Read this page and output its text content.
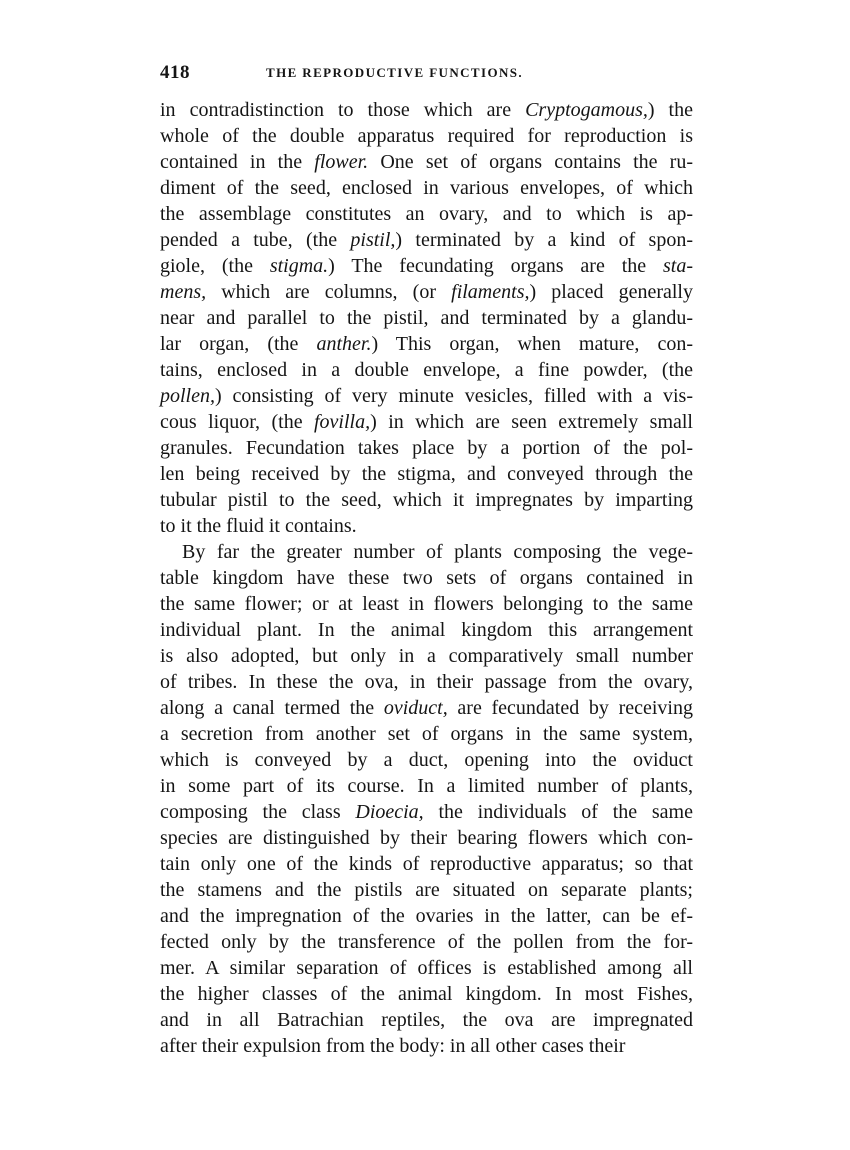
418	THE REPRODUCTIVE FUNCTIONS.
in contradistinction to those which are Cryptogamous,) the
whole of the double apparatus required for reproduction is
contained in the flower. One set of organs contains the ru-
diment of the seed, enclosed in various envelopes, of which
the assemblage constitutes an ovary, and to which is ap-
pended a tube, (the pistil,) terminated by a kind of spon-
giole, (the stigma.) The fecundating organs are the sta-
mens, which are columns, (or filaments,) placed generally
near and parallel to the pistil, and terminated by a glandu-
lar organ, (the anther.) This organ, when mature, con-
tains, enclosed in a double envelope, a fine powder, (the
pollen,) consisting of very minute vesicles, filled with a vis-
cous liquor, (the fovilla,) in which are seen extremely small
granules. Fecundation takes place by a portion of the pol-
len being received by the stigma, and conveyed through the
tubular pistil to the seed, which it impregnates by imparting
to it the fluid it contains.
By far the greater number of plants composing the vege-
table kingdom have these two sets of organs contained in
the same flower; or at least in flowers belonging to the same
individual plant. In the animal kingdom this arrangement
is also adopted, but only in a comparatively small number
of tribes. In these the ova, in their passage from the ovary,
along a canal termed the oviduct, are fecundated by receiving
a secretion from another set of organs in the same system,
which is conveyed by a duct, opening into the oviduct
in some part of its course. In a limited number of plants,
composing the class Dioecia, the individuals of the same
species are distinguished by their bearing flowers which con-
tain only one of the kinds of reproductive apparatus; so that
the stamens and the pistils are situated on separate plants;
and the impregnation of the ovaries in the latter, can be ef-
fected only by the transference of the pollen from the for-
mer. A similar separation of offices is established among all
the higher classes of the animal kingdom. In most Fishes,
and in all Batrachian reptiles, the ova are impregnated
after their expulsion from the body: in all other cases their
